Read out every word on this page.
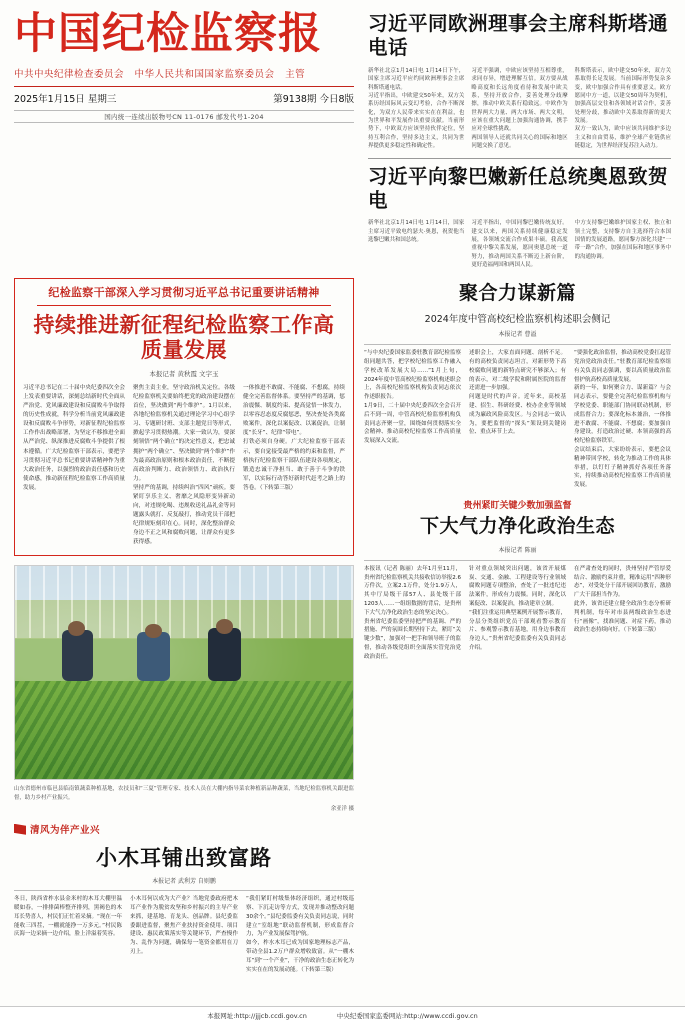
中国纪检监察报
中共中央纪律检查委员会 中华人民共和国国家监察委员会 主管
2025年1月15日 星期三	第9138期 今日8版
国内统一连续出版物号CN 11-0176 邮发代号1-204
习近平同欧洲理事会主席科斯塔通电话
新华社北京1月14日电 1月14日下午，国家主席习近平应约同欧洲理事会主席科斯塔通电话。
习近平指出，中欧建交50年来，双方关系历经国际风云变幻考验，合作不断深化，为双方人民带来实实在在利益，也为世界和平发展作出重要贡献。当前形势下，中欧双方应该坚持伙伴定位，坚持互利合作，坚持多边主义，共同为世界提供更多稳定性和确定性。
习近平强调，中欧应该坚持互相尊重，求同存异，增进理解互信。双方要从战略高度和长远角度看待和发展中欧关系，坚持开放合作，妥善处理分歧摩擦，推动中欧关系行稳致远。中欧作为世界两大力量、两大市场、两大文明，应该在重大问题上加强沟通协调，携手应对全球性挑战。
两国领导人还就共同关心的国际和地区问题交换了意见。
科斯塔表示，欧中建交50年来，双方关系取得长足发展。当前国际形势复杂多变，欧中加强合作具有重要意义。欧方愿同中方一道，以建交50周年为契机，加强高层交往和各领域对话合作，妥善处理分歧，推动欧中关系取得新的更大发展。
双方一致认为，欧中应该共同维护多边主义和自由贸易，维护全球产业链供应链稳定，为世界经济复苏注入动力。
习近平向黎巴嫩新任总统奥恩致贺电
新华社北京1月14日电 1月14日，国家主席习近平致电约瑟夫·奥恩，祝贺他当选黎巴嫩共和国总统。
习近平指出，中国同黎巴嫩传统友好。建交以来，两国关系持续健康稳定发展，各领域交流合作成果丰硕。我高度重视中黎关系发展，愿同奥恩总统一道努力，推动两国关系不断迈上新台阶，更好造福两国和两国人民。
中方支持黎巴嫩维护国家主权、独立和领土完整，支持黎方自主选择符合本国国情的发展道路，愿同黎方深化共建“一带一路”合作，加强在国际和地区事务中的沟通协调。
纪检监察干部深入学习贯彻习近平总书记重要讲话精神
持续推进新征程纪检监察工作高质量发展
本报记者 黄秋霞 文字玉
习近平总书记在二十届中央纪委四次全会上发表重要讲话，深刻总结新时代全面从严治党、党风廉政建设和反腐败斗争取得的历史性成就，科学分析当前党风廉政建设和反腐败斗争形势，对新征程纪检监察工作作出战略部署，为坚定不移推进全面从严治党、纵深推进反腐败斗争提供了根本遵循。广大纪检监察干部表示，要把学习贯彻习近平总书记重要讲话精神作为重大政治任务，以强烈的政治责任感和历史使命感，推动新征程纪检监察工作高质量发展。
聚焦主责主业，坚守政治机关定位。各级纪检监察机关要始终把党的政治建设摆在首位，坚决做到“两个维护”。1月以来，各地纪检监察机关通过理论学习中心组学习、专题研讨班、支部主题党日等形式，掀起学习贯彻热潮。大家一致认为，要深刻领悟“两个确立”的决定性意义，把忠诚拥护“两个确立”、坚决做到“两个维护”作为最高政治原则和根本政治责任，不断提高政治判断力、政治领悟力、政治执行力。
坚持严的基调，持续纠治“四风”顽疾。要紧盯享乐主义、奢靡之风隐形变异新动向，对违规吃喝、违规收送礼品礼金等问题露头就打、反复敲打，推动党员干部把纪律规矩刻印在心。同时，深化整治群众身边不正之风和腐败问题，让群众有更多获得感。
一体推进不敢腐、不能腐、不想腐，持续健全完善监督体系。要坚持严的基调，惩治震慑、制度约束、提高觉悟一体发力，以零容忍态度反腐惩恶，坚决查处各类腐败案件，深化以案促改、以案促治，让制度“长牙”、纪律“带电”。
打铁必须自身硬。广大纪检监察干部表示，要自觉接受最严格的约束和监督，严格执行纪检监察干部队伍建设各项规定，锻造忠诚干净担当、敢于善于斗争的铁军，以实际行动答好新时代赶考之路上的答卷。（下转第三版）
山东省德州市临邑县临南镇蔬菜种植基地，农技员和“三夏”管理专家、技术人员在大棚内指导菜农种植新品种蔬菜，当地纪检监察机关跟进监督，助力乡村产业振兴。
余亚洋 摄
清风为伴产业兴
小木耳铺出致富路
本报记者 武利芳 自则鹏
冬日，陕西省柞水县金米村的木耳大棚里温暖如春，一排排菌棒整齐排列，黑褐色的木耳长势喜人，村民们正忙着采摘。“现在一年能收三四茬，一棚就能挣一万多元。”村民陈庆海一边采摘一边介绍，脸上洋溢着笑容。
小木耳何以成为大产业？当地党委政府把木耳产业作为脱贫攻坚和乡村振兴的主导产业来抓，建基地、育龙头、创品牌。县纪委监委跟进监督，聚焦产业扶持资金使用、项目建设、惠民政策落实等关键环节，严查慢作为、乱作为问题，确保每一笔资金都用在刀刃上。
“我们紧盯村级集体经济组织，通过村级巡察、下沉走访等方式，发现并推动整改问题30余个。”县纪委监委有关负责同志说，同时建立“室组地”联动监督机制，形成监督合力，为产业发展保驾护航。
如今，柞水木耳已成为国家地理标志产品，带动全县1.2万户群众增收致富。从“一棚木耳”到“一个产业”，干净的政治生态正转化为实实在在的发展动能。（下转第三版）
聚合力谋新篇
2024年度中管高校纪检监察机构述职会侧记
本报记者 曹溢
“与中央纪委国家监委驻教育部纪检监察组同题共答，把学校纪检监察工作融入学校改革发展大局……”1月上旬，2024年度中管高校纪检监察机构述职会上，各高校纪检监察机构负责同志依次作述职报告。
1月9日，二十届中央纪委四次全会召开后不到一周，中管高校纪检监察机构负责同志齐聚一堂，围绕如何贯彻落实全会精神、推动高校纪检监察工作高质量发展深入交流。
述职会上，大家直面问题、剖析不足。有的高校负责同志坦言，对新形势下高校腐败问题的新特点研究不够深入；有的表示，对二级学院和附属医院的监督还需进一步加强。
问题是时代的声音。近年来，高校基建、招生、科研经费、校办企业等领域成为廉政风险高发区。与会同志一致认为，要把监督的“探头”架设到关键岗位、重点环节上去。
“要强化政治监督，推动高校党委扛起管党治党政治责任。”驻教育部纪检监察组有关负责同志强调，要以高质量政治监督护航高校高质量发展。
新的一年，如何聚合力、谋新篇？与会同志表示，要健全完善纪检监察机构与学校党委、职能部门协同联动机制，形成监督合力；要深化标本兼治，一体推进不敢腐、不能腐、不想腐；要加强自身建设，打造政治过硬、本领高强的高校纪检监察铁军。
会议结束后，大家纷纷表示，要把会议精神带回学校，转化为推动工作的具体举措，以钉钉子精神抓好各项任务落实，持续推动高校纪检监察工作高质量发展。
贵州紧盯关键少数加强监督
下大气力净化政治生态
本报记者 陈丽
本报讯（记者 陈丽）去年1月至11月，贵州省纪检监察机关共接收信访举报2.6万件次，立案2.1万件，处分1.9万人，其中厅局级干部57人、县处级干部1203人……一组组数据的背后，是贵州下大气力净化政治生态的坚定决心。
贵州省纪委监委坚持把严的基调、严的措施、严的氛围长期坚持下去，紧盯“关键少数”，加强对一把手和领导班子的监督，推动各级党组织全面落实管党治党政治责任。
针对重点领域突出问题，该省开展煤炭、交通、金融、工程建设等行业领域腐败问题专项整治，查处了一批违纪违法案件，形成有力震慑。同时，深化以案促改、以案促治，推动建章立制。
“我们注重运用典型案例开展警示教育，分层分类组织党员干部观看警示教育片、参观警示教育基地，用身边事教育身边人。”贵州省纪委监委有关负责同志介绍。
在严肃查处的同时，贵州坚持严管厚爱结合、激励约束并重，精准运用“四种形态”，对受处分干部开展回访教育，激励广大干部担当作为。
此外，该省还建立健全政治生态分析研判机制，每年对市县两级政治生态进行“画像”，找准问题、对症下药，推动政治生态持续向好。（下转第三版）
本报网址:http://jjjcb.ccdi.gov.cn	中央纪委国家监委网站:http://www.ccdi.gov.cn
